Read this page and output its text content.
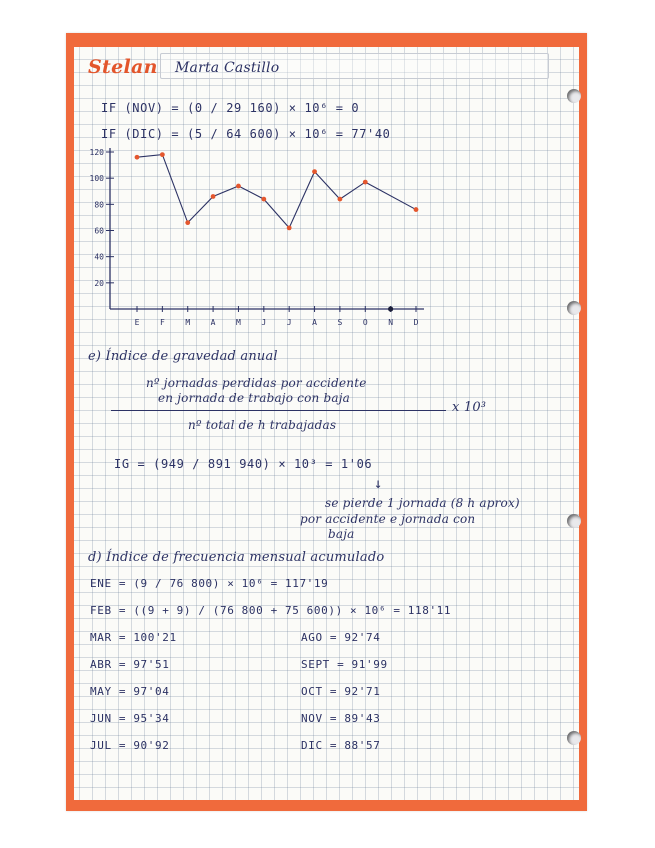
Stelan Marta Castillo
IF (NOV) = (0 / 29 160) × 10⁶ = 0
IF (DIC) = (5 / 64 600) × 10⁶ = 77'40
20
40
60
80
100
120
E	F	M	A	M	J	J	A	S	O	N	D
e) Índice de gravedad anual
nº jornadas perdidas por accidente
en jornada de trabajo con baja
x 10³
nº total de h trabajadas
IG = (949 / 891 940) × 10³ = 1'06
↓
se pierde 1 jornada (8 h aprox)
por accidente e jornada con
baja
d) Índice de frecuencia mensual acumulado
ENE = (9 / 76 800) × 10⁶ = 117'19
FEB = ((9 + 9) / (76 800 + 75 600)) × 10⁶ = 118'11
MAR = 100'21
ABR = 97'51
MAY = 97'04
JUN = 95'34
JUL = 90'92
AGO = 92'74
SEPT = 91'99
OCT = 92'71
NOV = 89'43
DIC = 88'57
